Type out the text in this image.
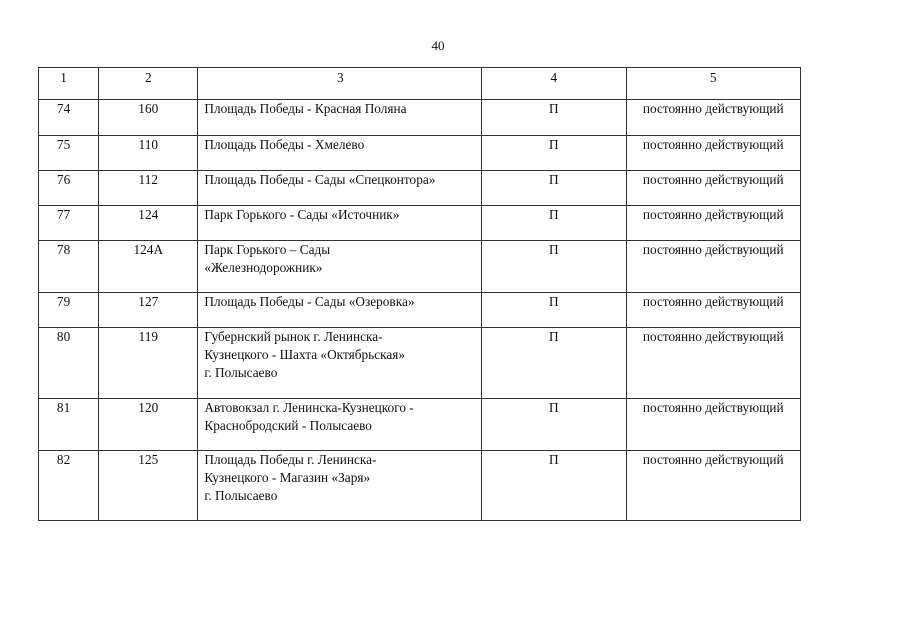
40
1	2	3	4	5
74	160	Площадь Победы - Красная Поляна	П	постоянно действующий
75	110	Площадь Победы - Хмелево	П	постоянно действующий
76	112	Площадь Победы - Сады «Спецконтора»	П	постоянно действующий
77	124	Парк Горького - Сады «Источник»	П	постоянно действующий
78	124А	Парк Горького – Сады
«Железнодорожник»	П	постоянно действующий
79	127	Площадь Победы - Сады «Озеровка»	П	постоянно действующий
80	119	Губернский рынок г. Ленинска-
Кузнецкого - Шахта «Октябрьская»
г. Полысаево	П	постоянно действующий
81	120	Автовокзал г. Ленинска-Кузнецкого -
Краснобродский - Полысаево	П	постоянно действующий
82	125	Площадь Победы г. Ленинска-
Кузнецкого - Магазин «Заря»
г. Полысаево	П	постоянно действующий
